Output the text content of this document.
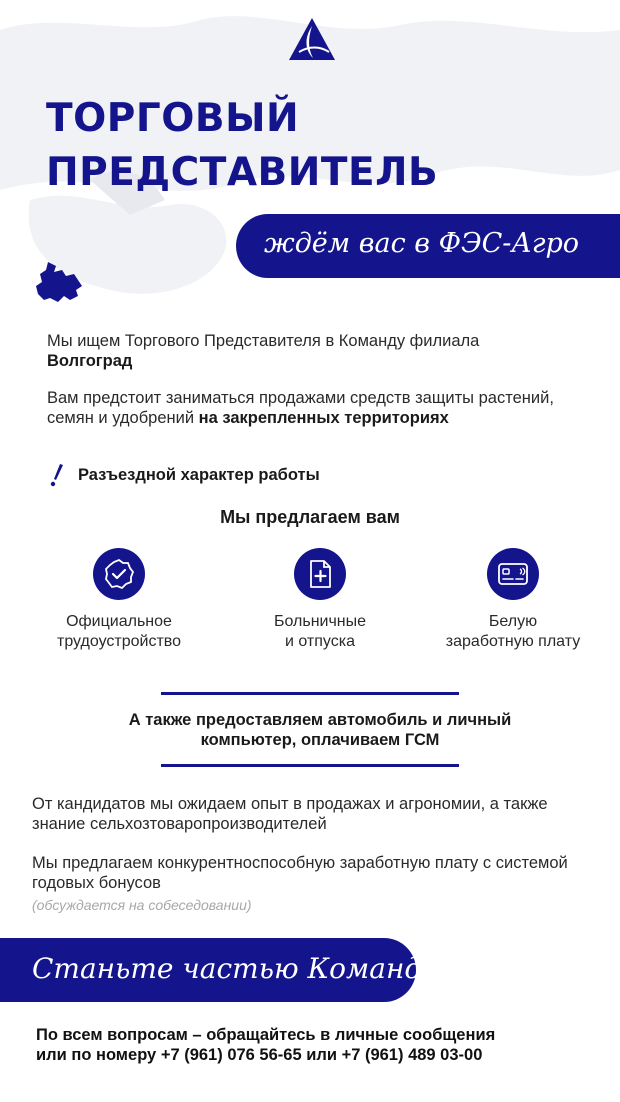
ТОРГОВЫЙ
ПРЕДСТАВИТЕЛЬ
ждём вас в ФЭС-Агро

Мы ищем Торгового Представителя в Команду филиала
Волгоград

Вам предстоит заниматься продажами средств защиты растений, семян и удобрений на закрепленных территориях

Разъездной характер работы
Мы предлагаем вам
Официальное
трудоустройство
Больничные
и отпуска
Белую
заработную плату

А также предоставляем автомобиль и личный компьютер, оплачиваем ГСМ

От кандидатов мы ожидаем опыт в продажах и агрономии, а также знание сельхозтоваропроизводителей

Мы предлагаем конкурентноспособную заработную плату с системой годовых бонусов

(обсуждается на собеседовании)

Станьте частью Команды

По всем вопросам – обращайтесь в личные сообщения
или по номеру +7 (961) 076 56-65 или +7 (961) 489 03-00
